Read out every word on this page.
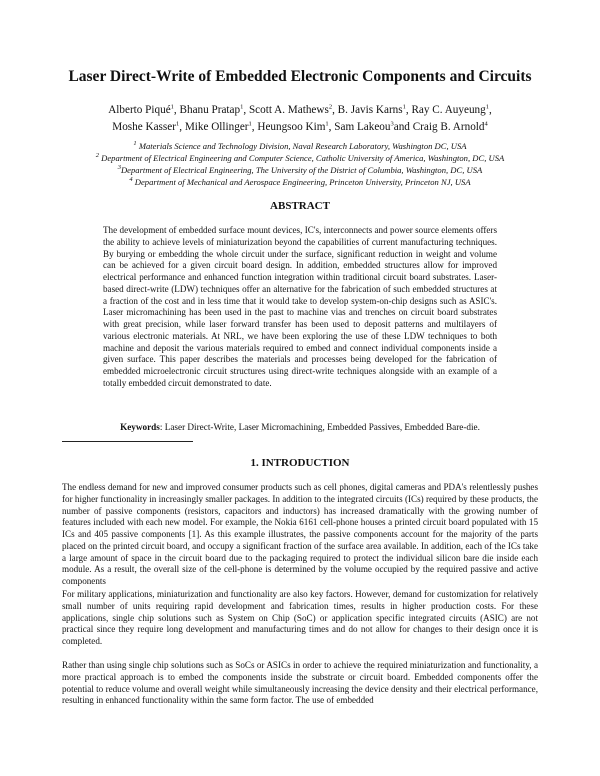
Laser Direct-Write of Embedded Electronic Components and Circuits
Alberto Piqué$^1$, Bhanu Pratap$^1$, Scott A. Mathews$^2$, B. Javis Karns$^1$, Ray C. Auyeung$^1$,
Moshe Kasser$^1$, Mike Ollinger$^1$, Heungsoo Kim$^1$, Sam Lakeou$^3$and Craig B. Arnold$^4$
$^1$ Materials Science and Technology Division, Naval Research Laboratory, Washington DC, USA
$^2$ Department of Electrical Engineering and Computer Science, Catholic University of America, Washington, DC, USA
$^3$Department of Electrical Engineering, The University of the District of Columbia, Washington, DC, USA
$^4$ Department of Mechanical and Aerospace Engineering, Princeton University, Princeton NJ, USA
ABSTRACT

The development of embedded surface mount devices, IC's, interconnects and power source elements offers the ability to achieve levels of miniaturization beyond the capabilities of current manufacturing techniques. By burying or embedding the whole circuit under the surface, significant reduction in weight and volume can be achieved for a given circuit board design. In addition, embedded structures allow for improved electrical performance and enhanced function integration within traditional circuit board substrates. Laser-based direct-write (LDW) techniques offer an alternative for the fabrication of such embedded structures at a fraction of the cost and in less time that it would take to develop system-on-chip designs such as ASIC's. Laser micromachining has been used in the past to machine vias and trenches on circuit board substrates with great precision, while laser forward transfer has been used to deposit patterns and multilayers of various electronic materials. At NRL, we have been exploring the use of these LDW techniques to both machine and deposit the various materials required to embed and connect individual components inside a given surface. This paper describes the materials and processes being developed for the fabrication of embedded microelectronic circuit structures using direct-write techniques alongside with an example of a totally embedded circuit demonstrated to date.

Keywords: Laser Direct-Write, Laser Micromachining, Embedded Passives, Embedded Bare-die.
1. INTRODUCTION

The endless demand for new and improved consumer products such as cell phones, digital cameras and PDA's relentlessly pushes for higher functionality in increasingly smaller packages. In addition to the integrated circuits (ICs) required by these products, the number of passive components (resistors, capacitors and inductors) has increased dramatically with the growing number of features included with each new model. For example, the Nokia 6161 cell-phone houses a printed circuit board populated with 15 ICs and 405 passive components [1]. As this example illustrates, the passive components account for the majority of the parts placed on the printed circuit board, and occupy a significant fraction of the surface area available. In addition, each of the ICs take a large amount of space in the circuit board due to the packaging required to protect the individual silicon bare die inside each module. As a result, the overall size of the cell-phone is determined by the volume occupied by the required passive and active components

For military applications, miniaturization and functionality are also key factors. However, demand for customization for relatively small number of units requiring rapid development and fabrication times, results in higher production costs. For these applications, single chip solutions such as System on Chip (SoC) or application specific integrated circuits (ASIC) are not practical since they require long development and manufacturing times and do not allow for changes to their design once it is completed.

Rather than using single chip solutions such as SoCs or ASICs in order to achieve the required miniaturization and functionality, a more practical approach is to embed the components inside the substrate or circuit board. Embedded components offer the potential to reduce volume and overall weight while simultaneously increasing the device density and their electrical performance, resulting in enhanced functionality within the same form factor. The use of embedded
